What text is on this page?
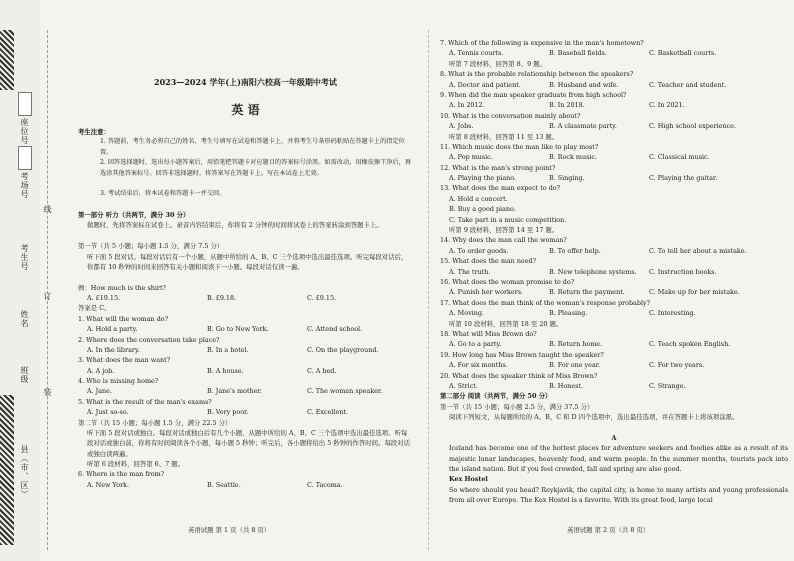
座位号
考场号
考生号
姓名
班级
县（市、区）
线
订
装
2023—2024 学年(上)南阳六校高一年级期中考试
英 语
考生注意：
1. 答题前，考生务必将自己的姓名、考生号填写在试卷和答题卡上，并将考生号条形码粘贴在答题卡上的指定位置。
2. 回答选择题时，选出每小题答案后，用铅笔把答题卡对应题目的答案标号涂黑。如需改动，用橡皮擦干净后，再选涂其他答案标号。回答非选择题时，将答案写在答题卡上。写在本试卷上无效。
3. 考试结束后，将本试卷和答题卡一并交回。
第一部分 听力（共两节，满分 30 分）
做题时，先将答案标在试卷上。录音内容结束后，你将有 2 分钟的时间将试卷上的答案转涂到答题卡上。
第一节（共 5 小题；每小题 1.5 分，满分 7.5 分）
听下面 5 段对话。每段对话后有一个小题，从题中所给的 A、B、C 三个选项中选出最佳选项。听完每段对话后，你都有 10 秒钟的时间来回答有关小题和阅读下一小题。每段对话仅读一遍。
例：How much is the shirt?
A. £19.15.	B. £9.18.	C. £9.15.
答案是 C。
1. What will the woman do?
A. Hold a party.	B. Go to New York.	C. Attend school.
2. Where does the conversation take place?
A. In the library.	B. In a hotel.	C. On the playground.
3. What does the man want?
A. A job.	B. A house.	C. A bed.
4. Who is missing home?
A. Jane.	B. Jane's mother.	C. The woman speaker.
5. What is the result of the man's exams?
A. Just so-so.	B. Very poor.	C. Excellent.
第二节（共 15 小题；每小题 1.5 分，满分 22.5 分）
听下面 5 段对话或独白。每段对话或独白后有几个小题，从题中所给的 A、B、C 三个选项中选出最佳选项。听每段对话或独白前，你将有时间阅读各个小题，每小题 5 秒钟；听完后，各小题将给出 5 秒钟的作答时间。每段对话或独白读两遍。
听第 6 段材料，回答第 6、7 题。
6. Where is the man from?
A. New York.	B. Seattle.	C. Tacoma.
英语试题 第 1 页（共 8 页）
7. Which of the following is expensive in the man's hometown?
A. Tennis courts.	B. Baseball fields.	C. Basketball courts.
听第 7 段材料，回答第 8、9 题。
8. What is the probable relationship between the speakers?
A. Doctor and patient.	B. Husband and wife.	C. Teacher and student.
9. When did the man speaker graduate from high school?
A. In 2012.	B. In 2018.	C. In 2021.
10. What is the conversation mainly about?
A. Jobs.	B. A classmate party.	C. High school experience.
听第 8 段材料，回答第 11 至 13 题。
11. Which music does the man like to play most?
A. Pop music.	B. Rock music.	C. Classical music.
12. What is the man's strong point?
A. Playing the piano.	B. Singing.	C. Playing the guitar.
13. What does the man expect to do?
A. Hold a concert.
B. Buy a good piano.
C. Take part in a music competition.
听第 9 段材料，回答第 14 至 17 题。
14. Why does the man call the woman?
A. To order goods.	B. To offer help.	C. To tell her about a mistake.
15. What does the man need?
A. The truth.	B. New telephone systems.	C. Instruction books.
16. What does the woman promise to do?
A. Punish her workers.	B. Return the payment.	C. Make up for her mistake.
17. What does the man think of the woman's response probably?
A. Moving.	B. Pleasing.	C. Interesting.
听第 10 段材料，回答第 18 至 20 题。
18. What will Miss Brown do?
A. Go to a party.	B. Return home.	C. Teach spoken English.
19. How long has Miss Brown taught the speaker?
A. For six months.	B. For one year.	C. For two years.
20. What does the speaker think of Miss Brown?
A. Strict.	B. Honest.	C. Strange.
第二部分 阅读（共两节，满分 50 分）
第一节（共 15 小题；每小题 2.5 分，满分 37.5 分）
阅读下列短文，从每题所给的 A、B、C 和 D 四个选项中，选出最佳选项，并在答题卡上将该项涂黑。
A
Iceland has become one of the hottest places for adventure seekers and foodies alike as a result of its majestic lunar landscapes, heavenly food, and warm people. In the summer months, tourists pack into the island nation. But if you feel crowded, fall and spring are also good.
Kex Hostel
So where should you head? Reykjavik, the capital city, is home to many artists and young professionals from all over Europe. The Kex Hostel is a favorite. With its great food, large local
英语试题 第 2 页（共 8 页）
